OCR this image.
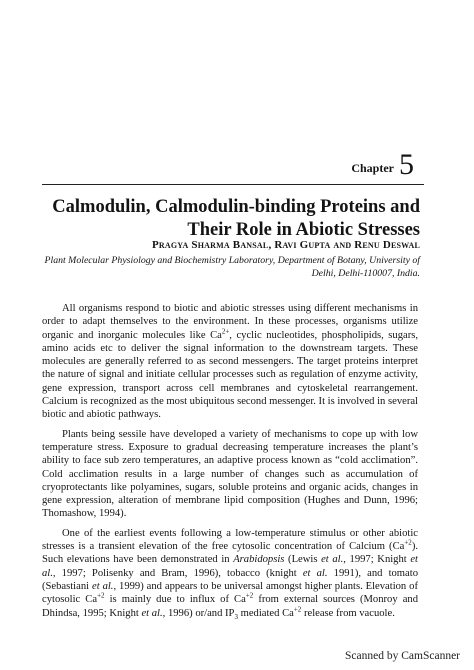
Chapter 5
Calmodulin, Calmodulin-binding Proteins and
Their Role in Abiotic Stresses
Pragya Sharma Bansal, Ravi Gupta and Renu Deswal
Plant Molecular Physiology and Biochemistry Laboratory, Department of Botany, University of
Delhi, Delhi-110007, India.

All organisms respond to biotic and abiotic stresses using different mechanisms in order to adapt themselves to the environment. In these processes, organisms utilize organic and inorganic molecules like $Ca^{2+}$, cyclic nucleotides, phospholipids, sugars, amino acids etc to deliver the signal information to the downstream targets. These molecules are generally referred to as second messengers. The target proteins interpret the nature of signal and initiate cellular processes such as regulation of enzyme activity, gene expression, transport across cell membranes and cytoskeletal rearrangement. Calcium is recognized as the most ubiquitous second messenger. It is involved in several biotic and abiotic pathways.

Plants being sessile have developed a variety of mechanisms to cope up with low temperature stress. Exposure to gradual decreasing temperature increases the plant’s ability to face sub zero temperatures, an adaptive process known as “cold acclimation”. Cold acclimation results in a large number of changes such as accumulation of cryoprotectants like polyamines, sugars, soluble proteins and organic acids, changes in gene expression, alteration of membrane lipid composition (Hughes and Dunn, 1996; Thomashow, 1994).

One of the earliest events following a low-temperature stimulus or other abiotic stresses is a transient elevation of the free cytosolic concentration of Calcium $(Ca^{+2})$. Such elevations have been demonstrated in Arabidopsis (Lewis et al., 1997; Knight et al., 1997; Polisenky and Bram, 1996), tobacco (knight et al. 1991), and tomato (Sebastiani et al., 1999) and appears to be universal amongst higher plants. Elevation of cytosolic $Ca^{+2}$ is mainly due to influx of $Ca^{+2}$ from external sources (Monroy and Dhindsa, 1995; Knight et al., 1996) or/and $IP_3$ mediated $Ca^{+2}$ release from vacuole.

Scanned by CamScanner
